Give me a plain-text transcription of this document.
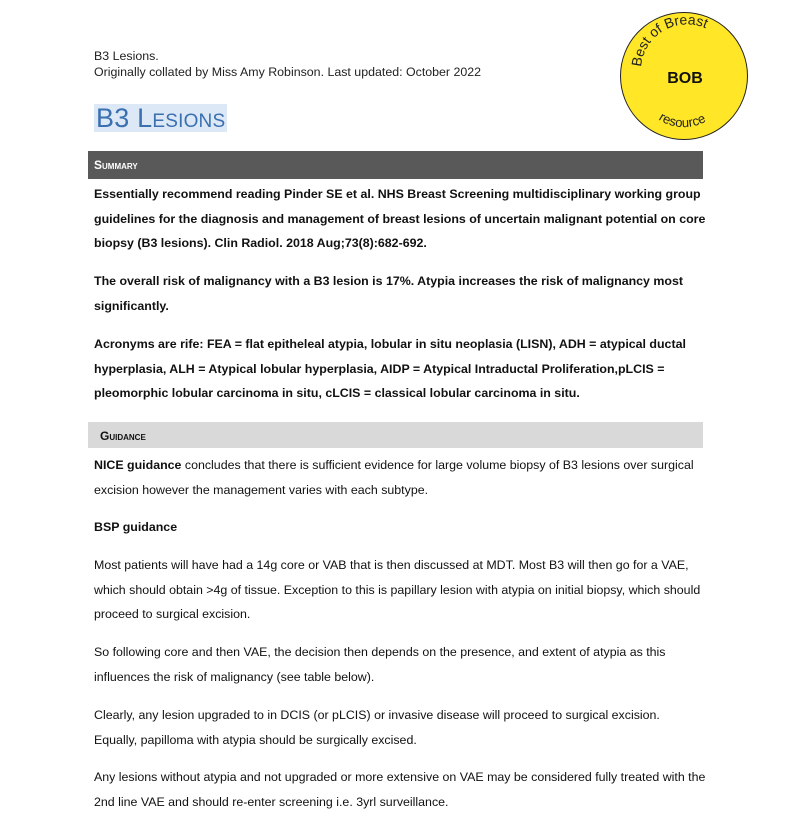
B3 Lesions.
Originally collated by Miss Amy Robinson. Last updated: October 2022
B3 Lesions
Best of Breast
BOB
resource
Summary
Essentially recommend reading Pinder SE et al. NHS Breast Screening multidisciplinary working group guidelines for the diagnosis and management of breast lesions of uncertain malignant potential on core biopsy (B3 lesions). Clin Radiol. 2018 Aug;73(8):682-692.
The overall risk of malignancy with a B3 lesion is 17%. Atypia increases the risk of malignancy most significantly.
Acronyms are rife: FEA = flat epitheleal atypia, lobular in situ neoplasia (LISN), ADH = atypical ductal hyperplasia, ALH = Atypical lobular hyperplasia, AIDP = Atypical Intraductal Proliferation,pLCIS = pleomorphic lobular carcinoma in situ, cLCIS = classical lobular carcinoma in situ.
Guidance
NICE guidance concludes that there is sufficient evidence for large volume biopsy of B3 lesions over surgical excision however the management varies with each subtype.
BSP guidance
Most patients will have had a 14g core or VAB that is then discussed at MDT. Most B3 will then go for a VAE, which should obtain >4g of tissue. Exception to this is papillary lesion with atypia on initial biopsy, which should proceed to surgical excision.
So following core and then VAE, the decision then depends on the presence, and extent of atypia as this influences the risk of malignancy (see table below).
Clearly, any lesion upgraded to in DCIS (or pLCIS) or invasive disease will proceed to surgical excision. Equally, papilloma with atypia should be surgically excised.
Any lesions without atypia and not upgraded or more extensive on VAE may be considered fully treated with the 2nd line VAE and should re-enter screening i.e. 3yrl surveillance.
